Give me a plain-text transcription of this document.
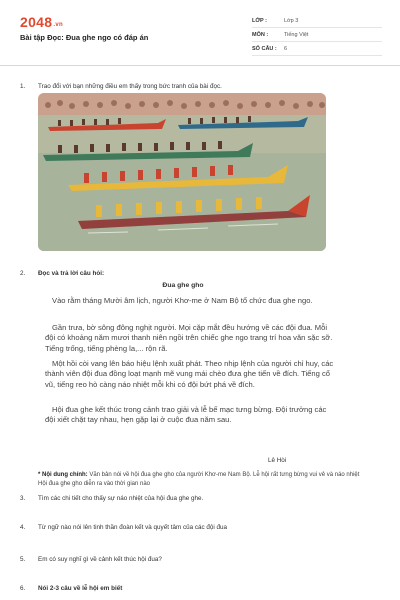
2048.vn
Bài tập Đọc: Đua ghe ngo có đáp án
LỚP :	Lớp 3
MÔN :	Tiếng Việt
SỐ CÂU :	6
1.	Trao đổi với bạn những điều em thấy trong bức tranh của bài đọc.
2.	Đọc và trả lời câu hỏi:
Đua ghe gho

Vào rằm tháng Mười âm lịch, người Khơ-me ở Nam Bộ tổ chức đua ghe ngo.

Gần trưa, bờ sông đông nghịt người. Mọi cặp mắt đều hướng về các đội đua. Mỗi đội có khoảng năm mươi thanh niên ngồi trên chiếc ghe ngo trang trí hoa văn sặc sỡ. Tiếng trống, tiếng phèng la,... rộn rã.

Một hồi còi vang lên báo hiệu lệnh xuất phát. Theo nhịp lệnh của người chỉ huy, các thành viên đội đua đồng loạt mạnh mẽ vung mái chèo đưa ghe tiến về đích. Tiếng cổ vũ, tiếng reo hò càng náo nhiệt mỗi khi có đội bứt phá về đích.

Hội đua ghe kết thúc trong cảnh trao giải và lễ bế mạc tưng bừng. Đội trưởng các đội xiết chặt tay nhau, hẹn gặp lại ở cuộc đua năm sau.

Lê Hòi
* Nội dung chính: Văn bản nói về hội đua ghe gho của người Khơ-me Nam Bộ. Lễ hội rất tưng bừng vui vẻ và náo nhiệt
Hội đua ghe gho diễn ra vào thời gian nào
3.	Tìm các chi tiết cho thấy sự náo nhiệt của hội đua ghe ghe.
4.	Từ ngữ nào nói lên tinh thần đoàn kết và quyết tâm của các đội đua
5.	Em có suy nghĩ gì về cảnh kết thúc hội đua?
6.	Nói 2-3 câu về lễ hội em biết
